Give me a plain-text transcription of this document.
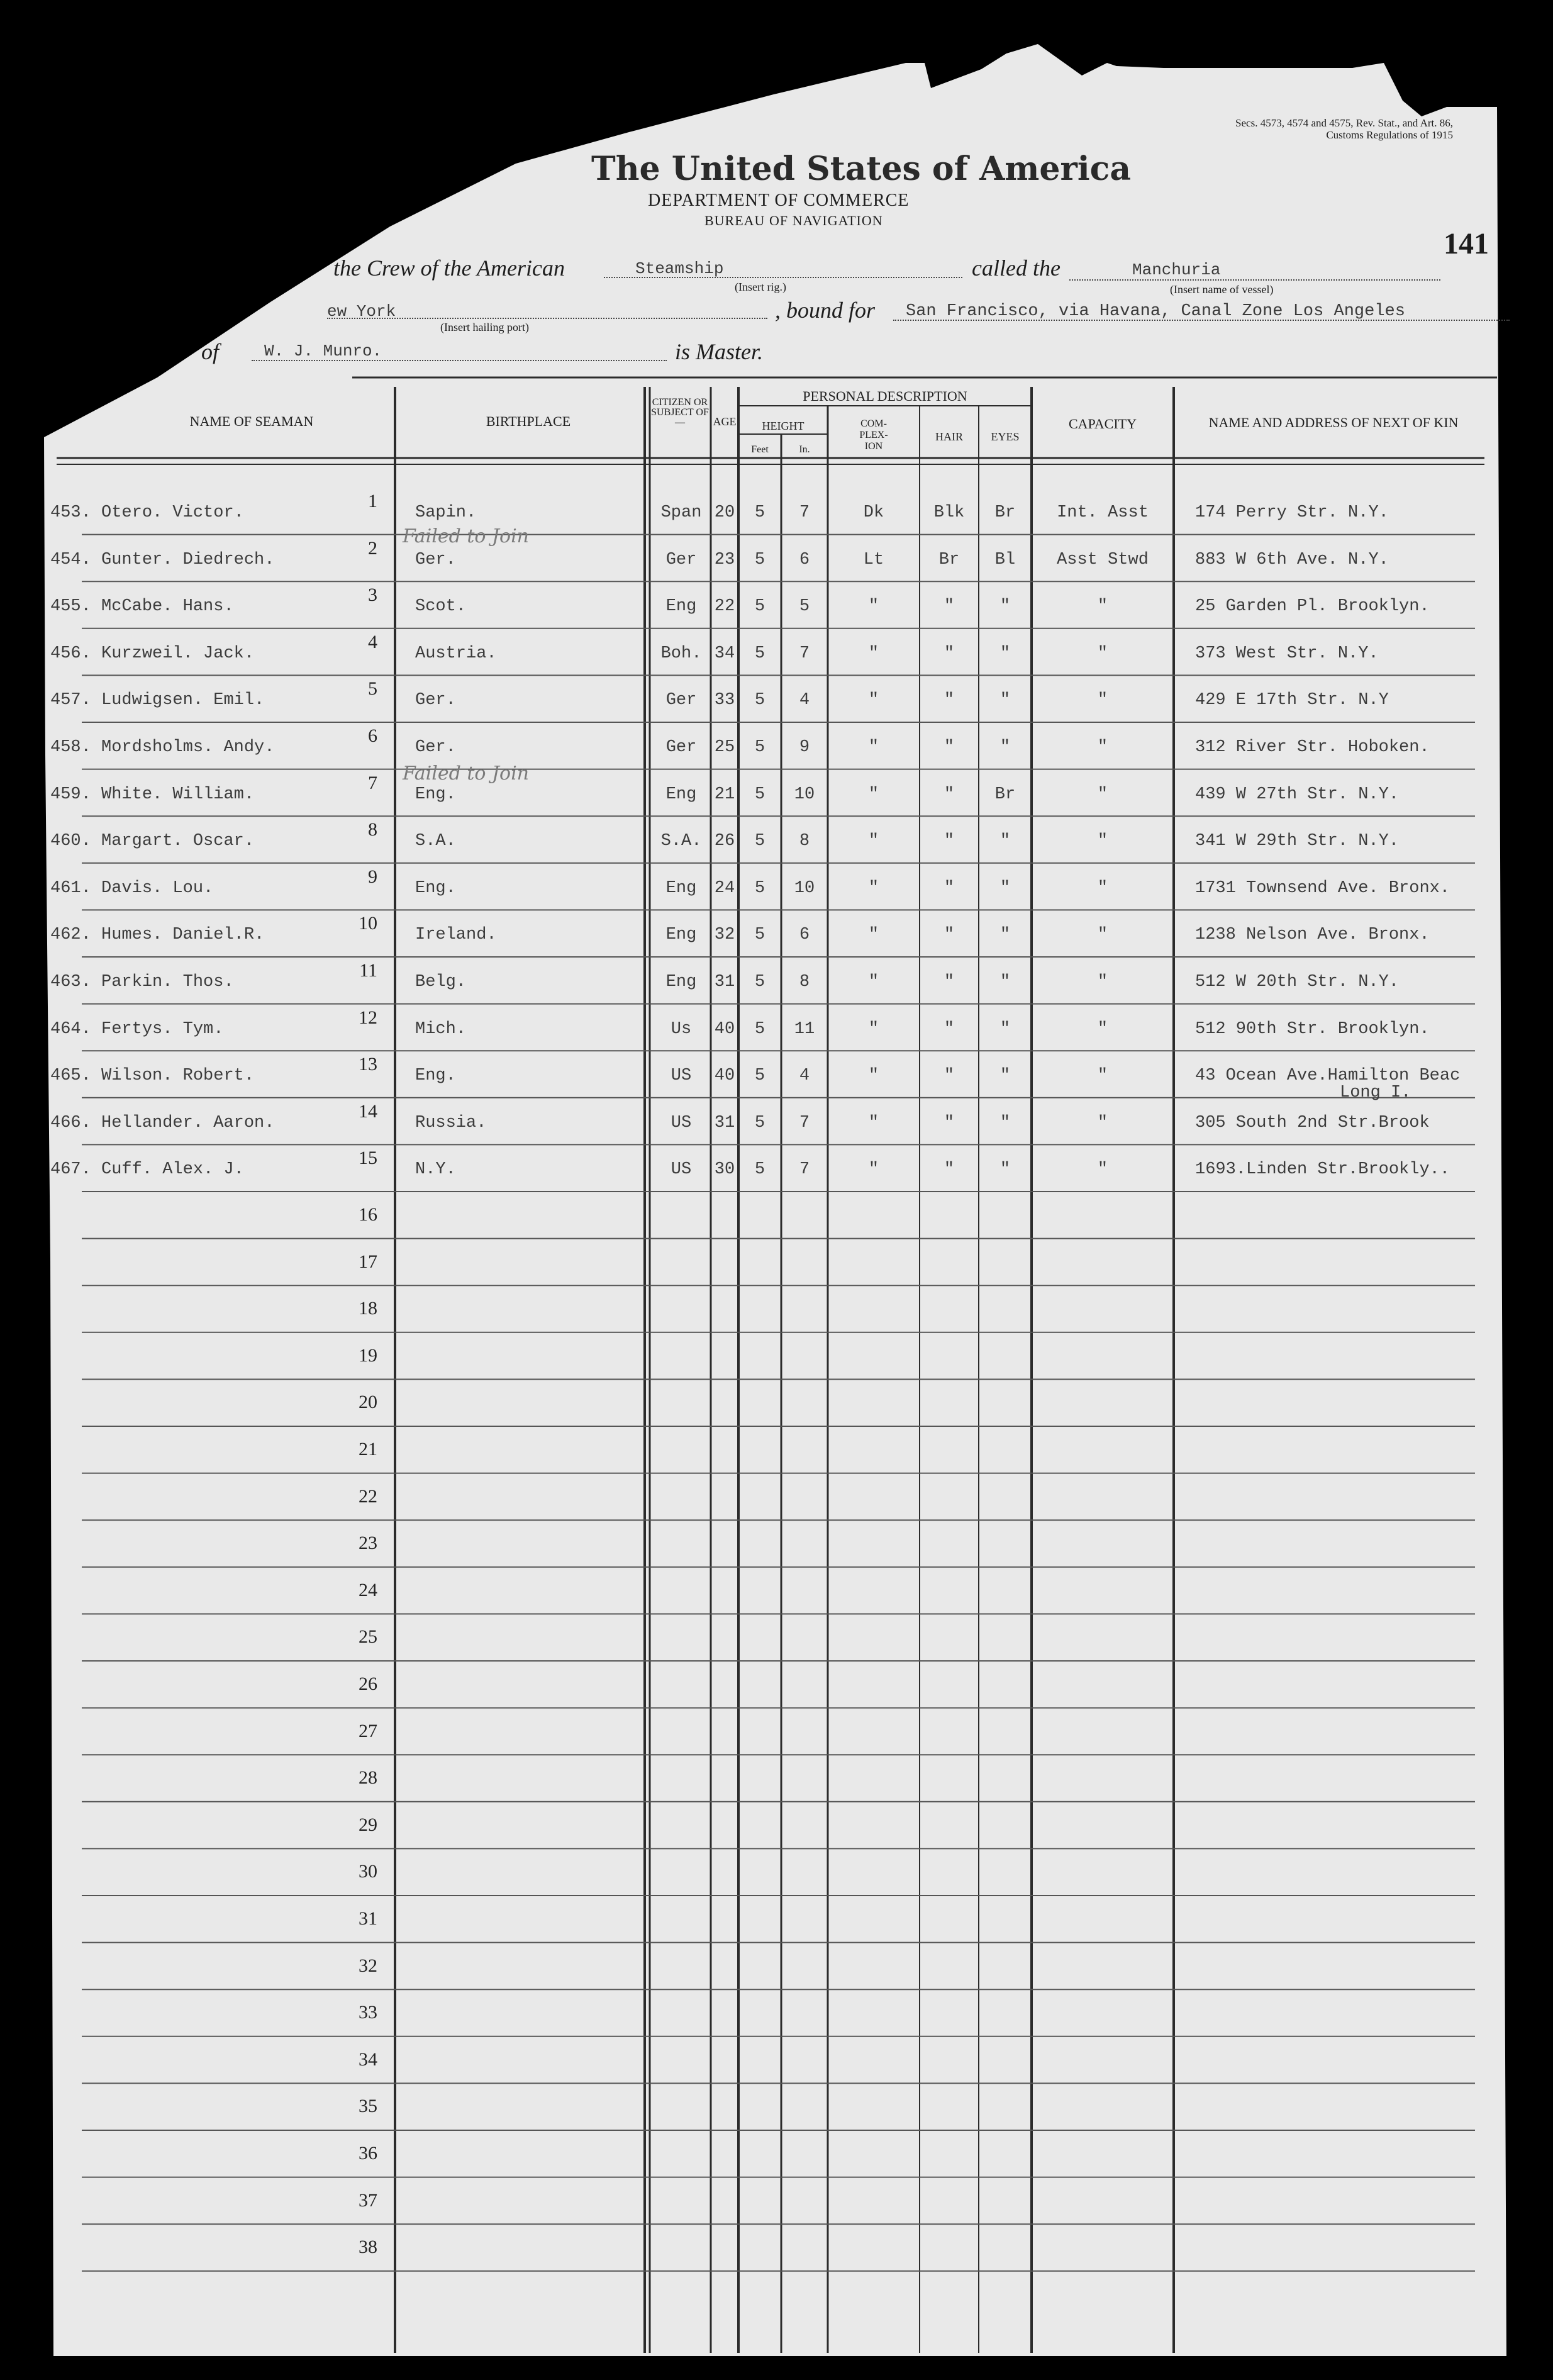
Secs. 4573, 4574 and 4575, Rev. Stat., and Art. 86, Customs Regulations of 1915
The United States of America
DEPARTMENT OF COMMERCE
BUREAU OF NAVIGATION
141
the Crew of the American	Steamship
(Insert rig.)
called the	Manchuria
(Insert name of vessel)
ew York
(Insert hailing port)
, bound for San Francisco, via Havana, Canal Zone Los Angeles
of	W. J. Munro.	is Master.
NAME OF SEAMAN	BIRTHPLACE
CITIZEN OR SUBJECT OF—	AGE
PERSONAL DESCRIPTION
HEIGHT
Feet	In.
COM-PLEX-ION
HAIR	EYES
CAPACITY	NAME AND ADDRESS OF NEXT OF KIN
1
453. Otero. Victor.	Sapin.	Span 20	5	7	Dk	Blk	Br	Int. Asst	174 Perry Str. N.Y.
2
454. Gunter. Diedrech.	Ger.	Ger	23	5	6	Lt	Br	Bl	Asst Stwd	883 W 6th Ave. N.Y.
3
455. McCabe. Hans.	Scot.	Eng	22	5	5	"	"	"	"	25 Garden Pl. Brooklyn.
4
456. Kurzweil. Jack.	Austria.	Boh. 34	5	7	"	"	"	"	373 West Str. N.Y.
5
457. Ludwigsen. Emil.	Ger.	Ger	33	5	4	"	"	"	"	429 E 17th Str. N.Y
6
458. Mordsholms. Andy.	Ger.	Ger	25	5	9	"	"	"	"	312 River Str. Hoboken.
7
459. White. William.	Eng.	Eng	21	5	10	"	"	Br	"	439 W 27th Str. N.Y.
8
460. Margart. Oscar.	S.A.	S.A. 26	5	8	"	"	"	"	341 W 29th Str. N.Y.
9
461. Davis. Lou.	Eng.	Eng	24	5	10	"	"	"	"	1731 Townsend Ave. Bronx.
10
462. Humes. Daniel.R.	Ireland.	Eng	32	5	6	"	"	"	"	1238 Nelson Ave. Bronx.
11
463. Parkin. Thos.	Belg.	Eng	31	5	8	"	"	"	"	512 W 20th Str. N.Y.
12
464. Fertys. Tym.	Mich.	Us	40	5	11	"	"	"	"	512 90th Str. Brooklyn.
13
465. Wilson. Robert.	Eng.	US	40	5	4	"	"	"	"	43 Ocean Ave.Hamilton Beac
Long I.
14
466. Hellander. Aaron.	Russia.	US	31	5	7	"	"	"	"	305 South 2nd Str.Brook
15
467. Cuff. Alex. J.	N.Y.	US	30	5	7	"	"	"	"	1693.Linden Str.Brookly..
16
17
18
19
20
21
22
23
24
25
26
27
28
29
30
31
32
33
34
35
36
37
38
Failed to Join
Failed to Join
